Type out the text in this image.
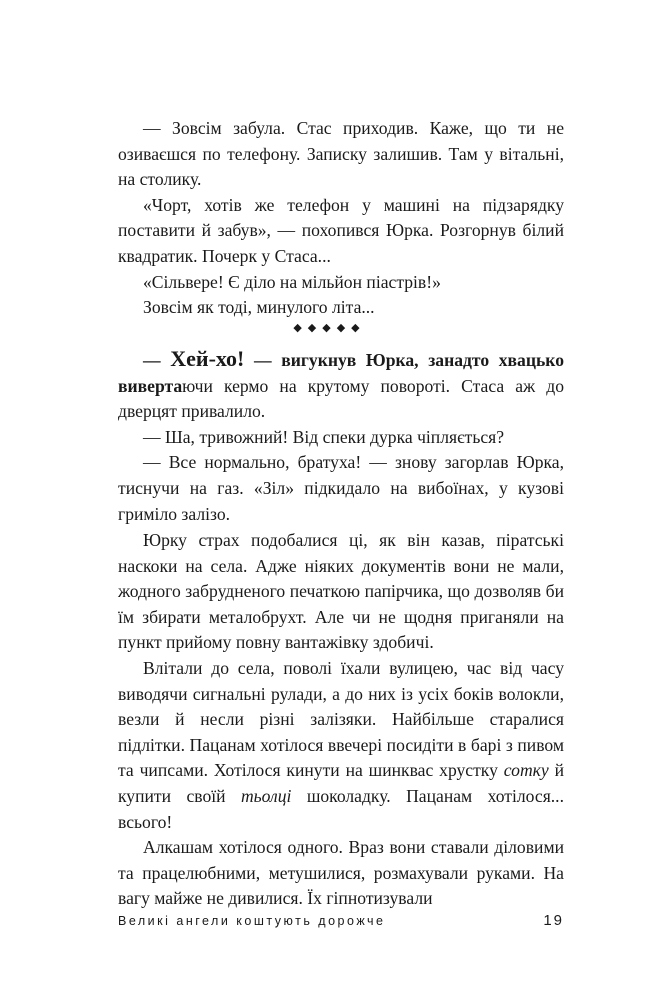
— Зовсім забула. Стас приходив. Каже, що ти не озиваєшся по телефону. Записку залишив. Там у вітальні, на столику.

«Чорт, хотів же телефон у машині на підзарядку поставити й забув», — похопився Юрка. Розгорнув білий квадратик. Почерк у Стаса...

«Сільвере! Є діло на мільйон піастрів!»

Зовсім як тоді, минулого літа...

◆◆◆◆◆

— Хей-хо! — вигукнув Юрка, занадто хвацько вивертаючи кермо на крутому повороті. Стаса аж до дверцят привалило.

— Ша, тривожний! Від спеки дурка чіпляється?

— Все нормально, братуха! — знову загорлав Юрка, тиснучи на газ. «Зіл» підкидало на вибоїнах, у кузові гриміло залізо.

Юрку страх подобалися ці, як він казав, піратські наскоки на села. Адже ніяких документів вони не мали, жодного забрудненого печаткою папірчика, що дозволяв би їм збирати металобрухт. Але чи не щодня приганяли на пункт прийому повну вантажівку здобичі.

Влітали до села, поволі їхали вулицею, час від часу виводячи сигнальні рулади, а до них із усіх боків волокли, везли й несли різні залізяки. Найбільше старалися підлітки. Пацанам хотілося ввечері посидіти в барі з пивом та чипсами. Хотілося кинути на шинквас хрустку сотку й купити своїй тьолці шоколадку. Пацанам хотілося... всього!

Алкашам хотілося одного. Враз вони ставали діловими та працелюбними, метушилися, розмахували руками. На вагу майже не дивилися. Їх гіпнотизували

Великі ангели коштують дорожче	19
